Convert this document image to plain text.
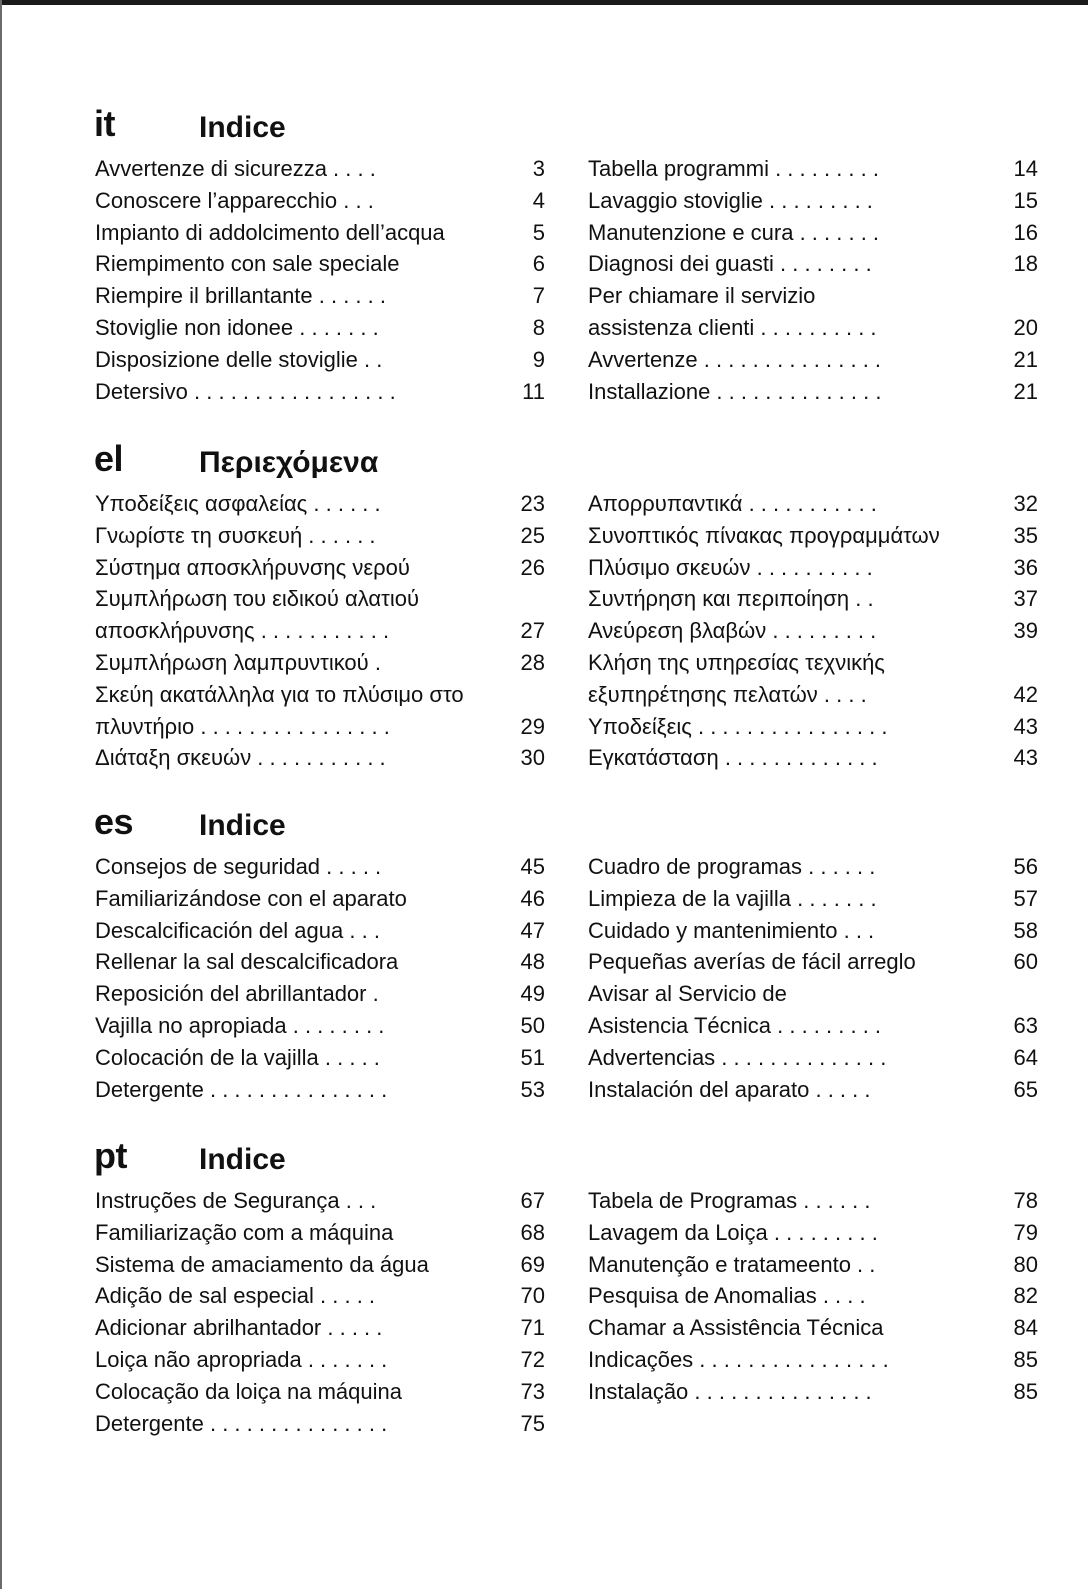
it	Indice
Avvertenze di sicurezza . . . .	3
Conoscere l’apparecchio . . .	4
Impianto di addolcimento dell’acqua	5
Riempimento con sale speciale	6
Riempire il brillantante . . . . . .	7
Stoviglie non idonee . . . . . . .	8
Disposizione delle stoviglie . .	9
Detersivo . . . . . . . . . . . . . . . . .	11
Tabella programmi . . . . . . . . .	14
Lavaggio stoviglie . . . . . . . . .	15
Manutenzione e cura . . . . . . .	16
Diagnosi dei guasti . . . . . . . .	18
Per chiamare il servizio
assistenza clienti . . . . . . . . . .	20
Avvertenze . . . . . . . . . . . . . . .	21
Installazione . . . . . . . . . . . . . .	21
el	Περιεχόμενα
Υποδείξεις ασφαλείας . . . . . .	23
Γνωρίστε τη συσκευή . . . . . .	25
Σύστημα αποσκλήρυνσης νερού	26
Συμπλήρωση του ειδικού αλατιού
αποσκλήρυνσης . . . . . . . . . . .	27
Συμπλήρωση λαμπρυντικού .	28
Σκεύη ακατάλληλα για το πλύσιμο στο
πλυντήριο . . . . . . . . . . . . . . . .	29
Διάταξη σκευών . . . . . . . . . . .	30
Απορρυπαντικά . . . . . . . . . . .	32
Συνοπτικός πίνακας προγραμμάτων	35
Πλύσιμο σκευών . . . . . . . . . .	36
Συντήρηση και περιποίηση . .	37
Ανεύρεση βλαβών . . . . . . . . .	39
Κλήση της υπηρεσίας τεχνικής
εξυπηρέτησης πελατών . . . .	42
Υποδείξεις . . . . . . . . . . . . . . . .	43
Εγκατάσταση . . . . . . . . . . . . .	43
es Indice
Consejos de seguridad . . . . .	45
Familiarizándose con el aparato	46
Descalcificación del agua . . .	47
Rellenar la sal descalcificadora	48
Reposición del abrillantador .	49
Vajilla no apropiada . . . . . . . .	50
Colocación de la vajilla . . . . .	51
Detergente . . . . . . . . . . . . . . .	53
Cuadro de programas . . . . . .	56
Limpieza de la vajilla . . . . . . .	57
Cuidado y mantenimiento . . .	58
Pequeñas averías de fácil arreglo	60
Avisar al Servicio de
Asistencia Técnica . . . . . . . . .	63
Advertencias . . . . . . . . . . . . . .	64
Instalación del aparato . . . . .	65
pt Indice
Instruções de Segurança . . .	67
Familiarização com a máquina	68
Sistema de amaciamento da água	69
Adição de sal especial . . . . .	70
Adicionar abrilhantador . . . . .	71
Loiça não apropriada . . . . . . .	72
Colocação da loiça na máquina	73
Detergente . . . . . . . . . . . . . . .	75
Tabela de Programas . . . . . .	78
Lavagem da Loiça . . . . . . . . .	79
Manutenção e tratameento . .	80
Pesquisa de Anomalias . . . .	82
Chamar a Assistência Técnica	84
Indicações . . . . . . . . . . . . . . . .	85
Instalação . . . . . . . . . . . . . . .	85
